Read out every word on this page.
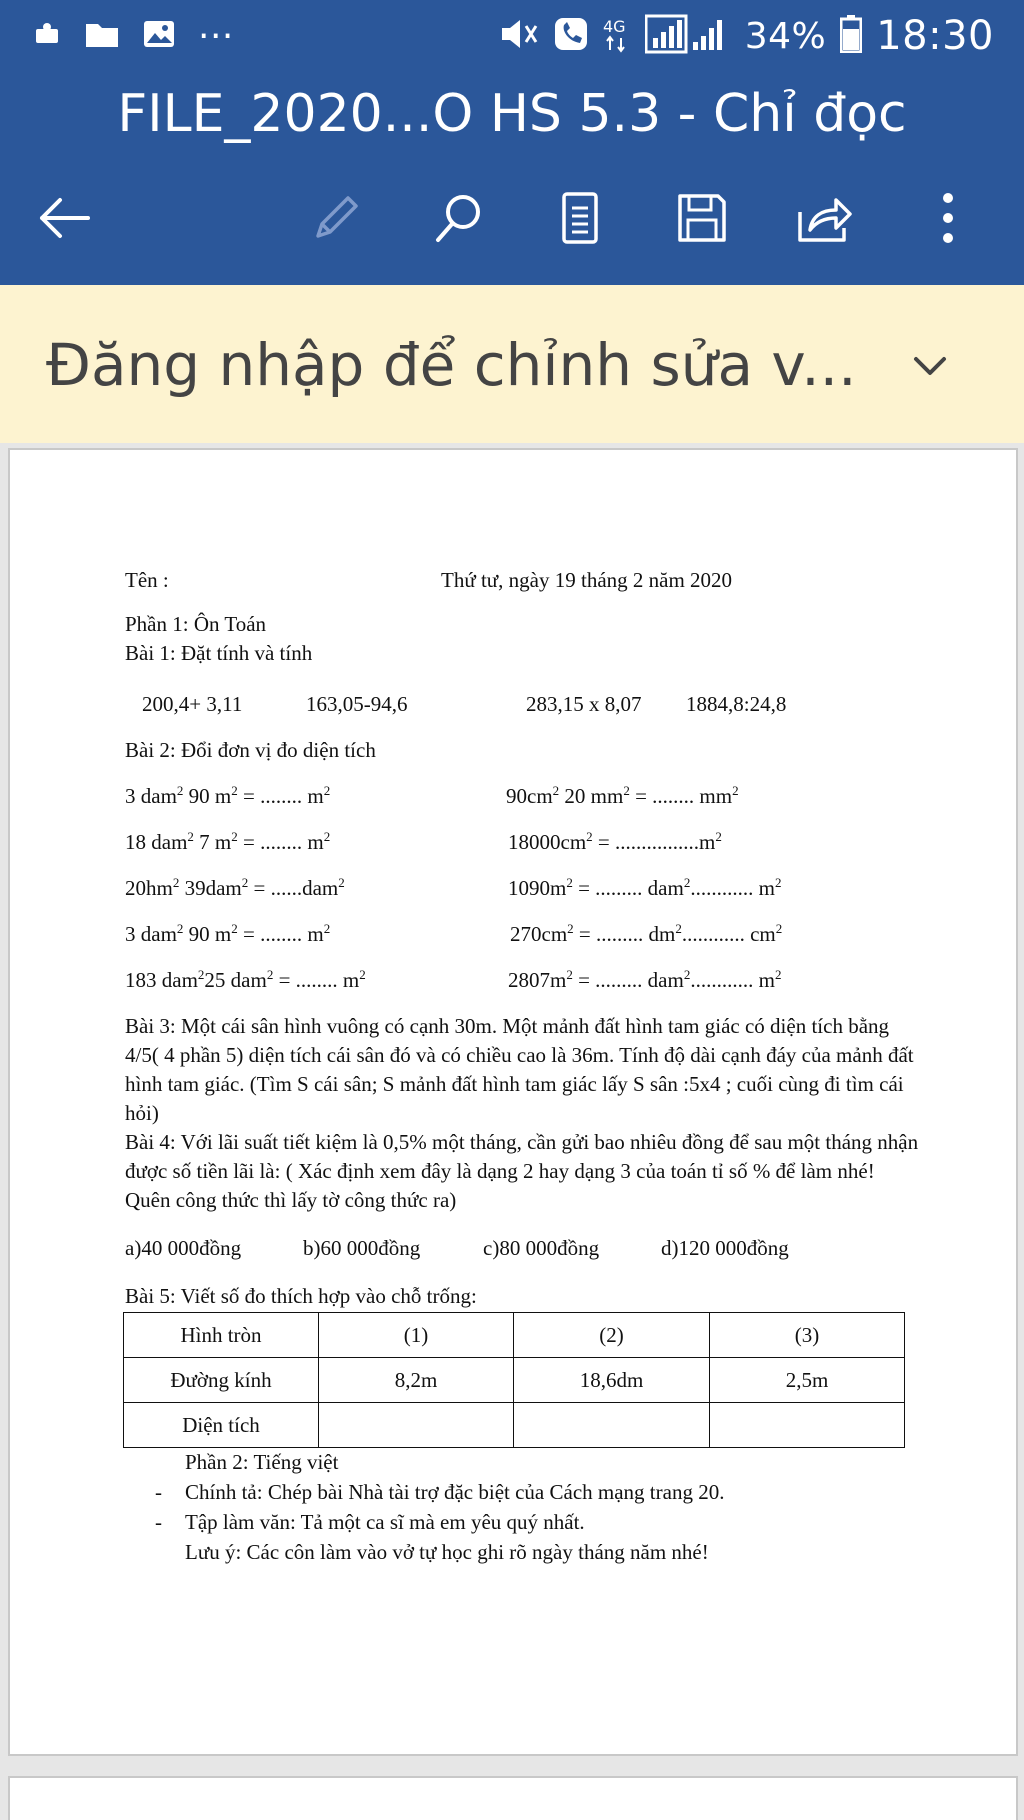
···	4G	34% 18:30
FILE_2020...O HS 5.3 - Chỉ đọc
Đăng nhập để chỉnh sửa v...
Tên :	Thứ tư, ngày 19 tháng 2 năm 2020
Phần 1: Ôn Toán
Bài 1: Đặt tính và tính
200,4+ 3,11	163,05-94,6	283,15 x 8,07 1884,8:24,8
Bài 2: Đổi đơn vị đo diện tích
3 dam$^2$ 90 $m^2$ = ........ $m^2$	$90cm^2$ 20 $mm^2$ = ........ $mm^2$
18 dam$^2$ 7 $m^2$ = ........ $m^2$	$18000cm^2 = ................m^2$
$20hm^2$ 39dam$^2$ = ......dam$^2$	$1090m^2$ = ......... dam$^2$............ $m^2$
3 dam$^2$ 90 $m^2$ = ........ $m^2$	$270cm^2$ = ......... $dm^2$............ $cm^2$
183 dam$^2$25 dam$^2$ = ........ $m^2$	$2807m^2$ = ......... dam$^2$............ $m^2$
Bài 3: Một cái sân hình vuông có cạnh 30m. Một mảnh đất hình tam giác có diện tích bằng 4/5( 4 phần 5) diện tích cái sân đó và có chiều cao là 36m. Tính độ dài cạnh đáy của mảnh đất hình tam giác. (Tìm S cái sân; S mảnh đất hình tam giác lấy S sân :5x4 ; cuối cùng đi tìm cái hỏi)
Bài 4: Với lãi suất tiết kiệm là 0,5% một tháng, cần gửi bao nhiêu đồng để sau một tháng nhận được số tiền lãi là: ( Xác định xem đây là dạng 2 hay dạng 3 của toán tỉ số % để làm nhé! Quên công thức thì lấy tờ công thức ra)
a)40 000đồng	b)60 000đồng	c)80 000đồng	d)120 000đồng
Bài 5: Viết số đo thích hợp vào chỗ trống:
Hình tròn	(1)	(2)	(3)
Đường kính	8,2m	18,6dm	2,5m
Diện tích			
Phần 2: Tiếng việt
- Chính tả: Chép bài Nhà tài trợ đặc biệt của Cách mạng trang 20.
- Tập làm văn: Tả một ca sĩ mà em yêu quý nhất.
Lưu ý: Các côn làm vào vở tự học ghi rõ ngày tháng năm nhé!
